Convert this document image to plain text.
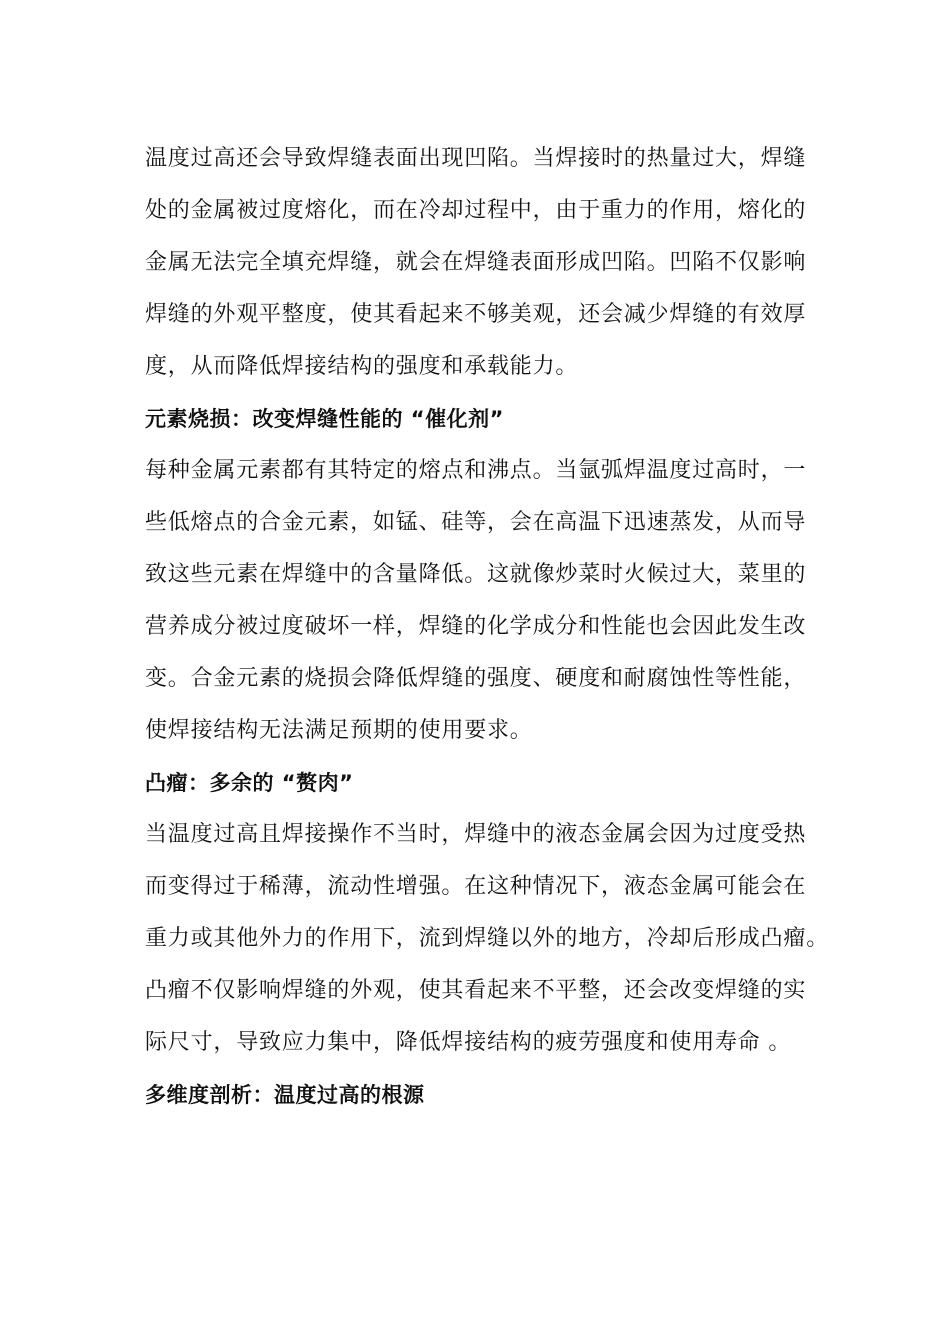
温度过高还会导致焊缝表面出现凹陷。当焊接时的热量过大，焊缝
处的金属被过度熔化，而在冷却过程中，由于重力的作用，熔化的
金属无法完全填充焊缝，就会在焊缝表面形成凹陷。凹陷不仅影响
焊缝的外观平整度，使其看起来不够美观，还会减少焊缝的有效厚
度，从而降低焊接结构的强度和承载能力。
元素烧损：改变焊缝性能的 “催化剂”
每种金属元素都有其特定的熔点和沸点。当氩弧焊温度过高时，一
些低熔点的合金元素，如锰、硅等，会在高温下迅速蒸发，从而导
致这些元素在焊缝中的含量降低。这就像炒菜时火候过大，菜里的
营养成分被过度破坏一样，焊缝的化学成分和性能也会因此发生改
变。合金元素的烧损会降低焊缝的强度、硬度和耐腐蚀性等性能，
使焊接结构无法满足预期的使用要求。
凸瘤：多余的 “赘肉”
当温度过高且焊接操作不当时，焊缝中的液态金属会因为过度受热
而变得过于稀薄，流动性增强。在这种情况下，液态金属可能会在
重力或其他外力的作用下，流到焊缝以外的地方，冷却后形成凸瘤。
凸瘤不仅影响焊缝的外观，使其看起来不平整，还会改变焊缝的实
际尺寸，导致应力集中，降低焊接结构的疲劳强度和使用寿命 。
多维度剖析：温度过高的根源
